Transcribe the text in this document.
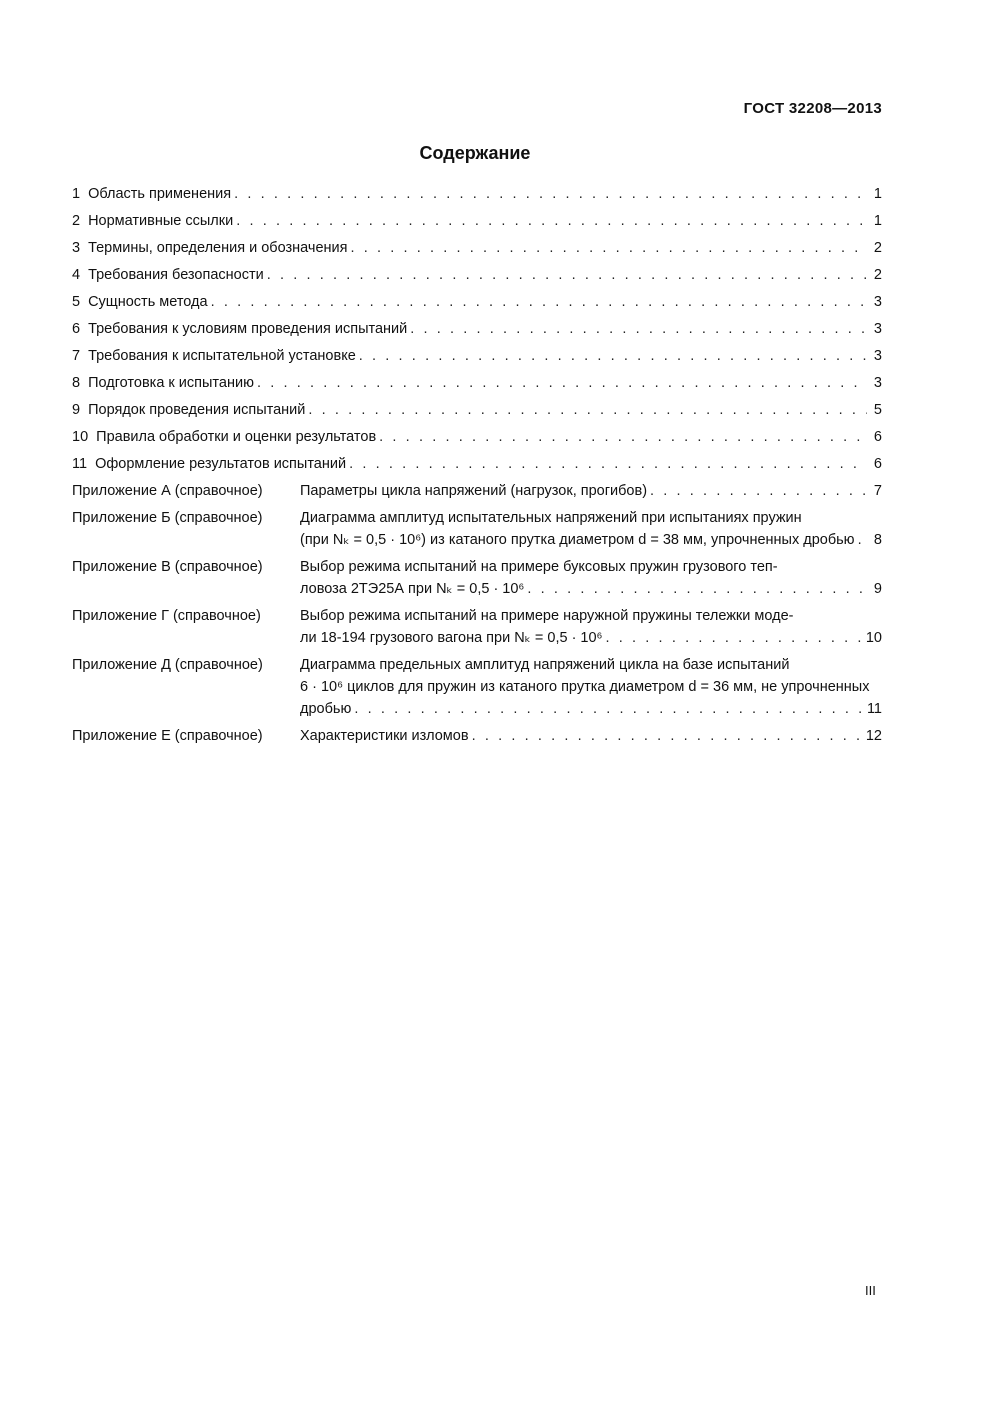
ГОСТ 32208—2013
Содержание
1 Область применения . . .	1
2 Нормативные ссылки . . .	1
3 Термины, определения и обозначения . . .	2
4 Требования безопасности . . .	2
5 Сущность метода . . .	3
6 Требования к условиям проведения испытаний . . .	3
7 Требования к испытательной установке . . .	3
8 Подготовка к испытанию . . .	3
9 Порядок проведения испытаний . . .	5
10 Правила обработки и оценки результатов . . .	6
11 Оформление результатов испытаний . . .	6
Приложение А (справочное)	Параметры цикла напряжений (нагрузок, прогибов) . . .	7
Приложение Б (справочное)	Диаграмма амплитуд испытательных напряжений при испытаниях пружин
(при Nₖ = 0,5 · 10⁶) из катаного прутка диаметром d = 38 мм, упрочненных дробью . . . 8
Приложение В (справочное)	Выбор режима испытаний на примере буксовых пружин грузового теп-
ловоза 2ТЭ25А при Nₖ = 0,5 · 10⁶ . . .	9
Приложение Г (справочное)	Выбор режима испытаний на примере наружной пружины тележки моде-
ли 18-194 грузового вагона при Nₖ = 0,5 · 10⁶ . . .	10
Приложение Д (справочное)	Диаграмма предельных амплитуд напряжений цикла на базе испытаний
6 · 10⁶ циклов для пружин из катаного прутка диаметром d = 36 мм, не упрочненных
дробью . . .	11
Приложение Е (справочное)	Характеристики изломов . . .	12
III
